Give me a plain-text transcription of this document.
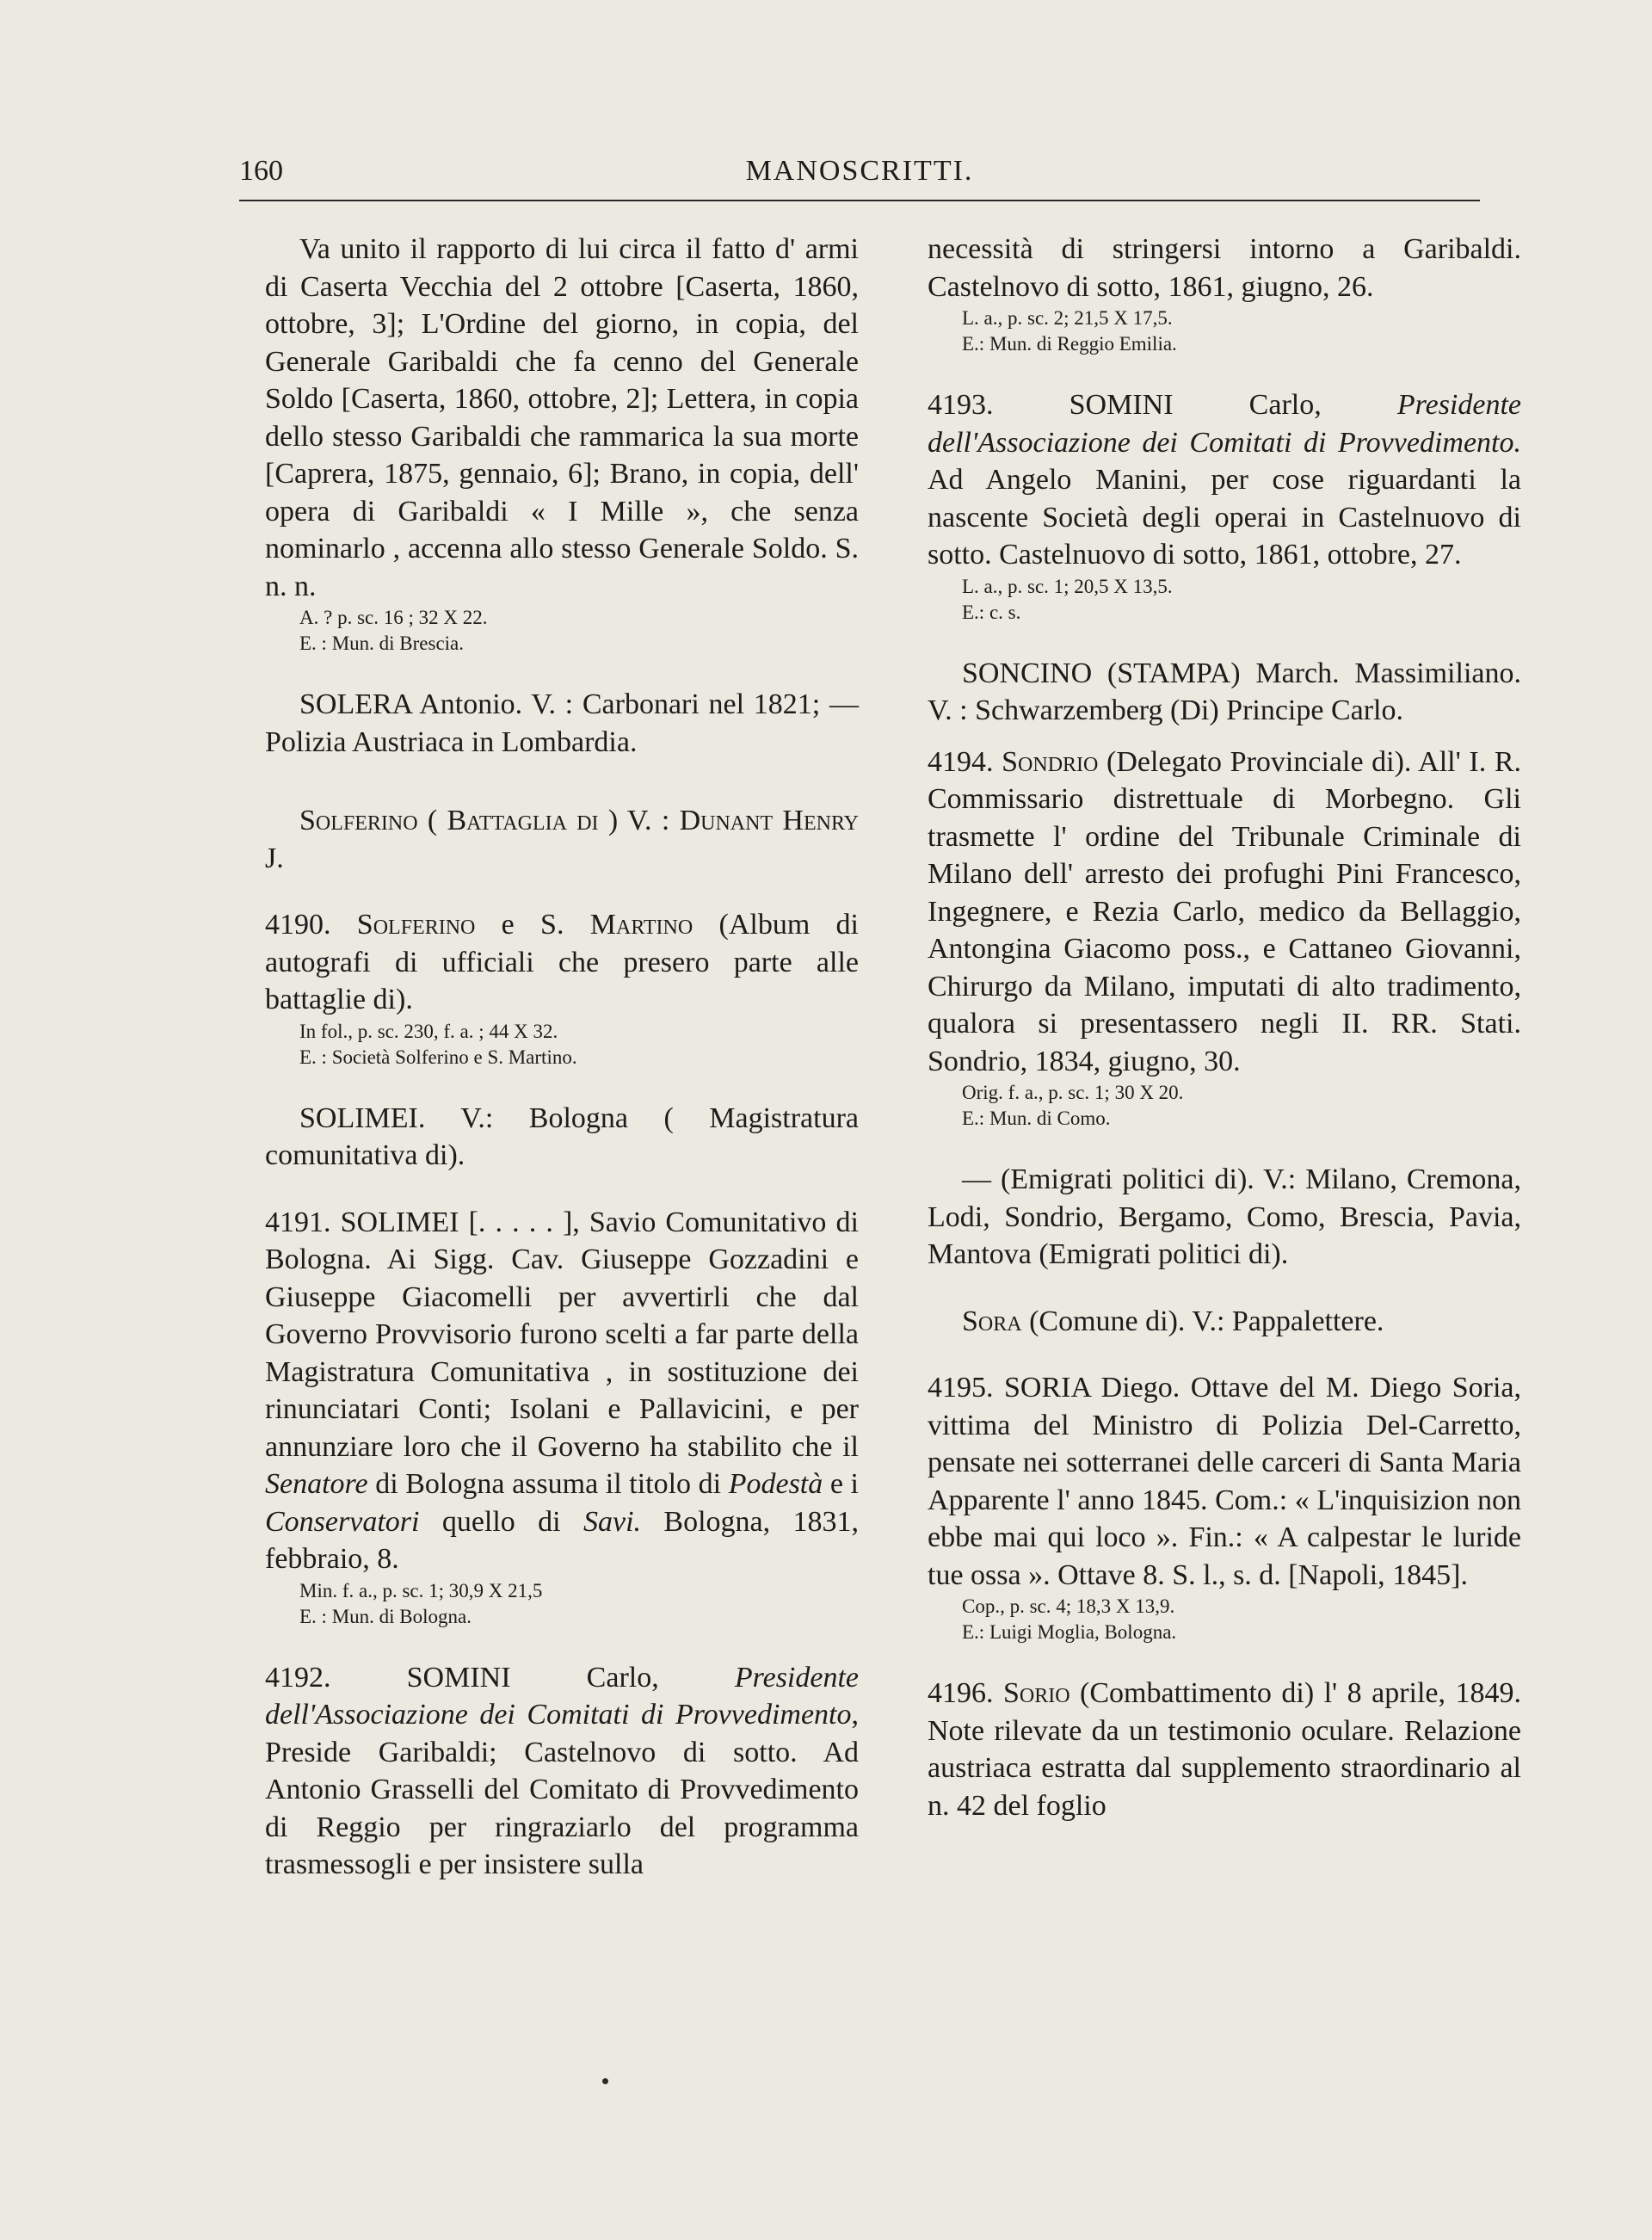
160	MANOSCRITTI.

Va unito il rapporto di lui circa il fatto d' armi di Caserta Vecchia del 2 ottobre [Caserta, 1860, ottobre, 3]; L'Ordine del giorno, in copia, del Generale Garibaldi che fa cenno del Generale Soldo [Caserta, 1860, ottobre, 2]; Lettera, in copia dello stesso Garibaldi che rammarica la sua morte [Caprera, 1875, gennaio, 6]; Brano, in copia, dell' opera di Garibaldi « I Mille », che senza nominarlo , accenna allo stesso Generale Soldo. S. n. n.

A. ? p. sc. 16 ; 32 X 22.

E. : Mun. di Brescia.

SOLERA Antonio. V. : Carbonari nel 1821; — Polizia Austriaca in Lombardia.

Solferino ( Battaglia di ) V. : Dunant Henry J.

4190. Solferino e S. Martino (Album di autografi di ufficiali che presero parte alle battaglie di).

In fol., p. sc. 230, f. a. ; 44 X 32.

E. : Società Solferino e S. Martino.

SOLIMEI. V.: Bologna ( Magistratura comunitativa di).

4191. SOLIMEI [. . . . . ], Savio Comunitativo di Bologna. Ai Sigg. Cav. Giuseppe Gozzadini e Giuseppe Giacomelli per avvertirli che dal Governo Provvisorio furono scelti a far parte della Magistratura Comunitativa , in sostituzione dei rinunciatari Conti; Isolani e Pallavicini, e per annunziare loro che il Governo ha stabilito che il Senatore di Bologna assuma il titolo di Podestà e i Conservatori quello di Savi. Bologna, 1831, febbraio, 8.

Min. f. a., p. sc. 1; 30,9 X 21,5

E. : Mun. di Bologna.

4192. SOMINI Carlo, Presidente dell'Associazione dei Comitati di Provvedimento, Preside Garibaldi; Castelnovo di sotto. Ad Antonio Grasselli del Comitato di Provvedimento di Reggio per ringraziarlo del programma trasmessogli e per insistere sulla

necessità di stringersi intorno a Garibaldi. Castelnovo di sotto, 1861, giugno, 26.

L. a., p. sc. 2; 21,5 X 17,5.

E.: Mun. di Reggio Emilia.

4193. SOMINI Carlo, Presidente dell'Associazione dei Comitati di Provvedimento. Ad Angelo Manini, per cose riguardanti la nascente Società degli operai in Castelnuovo di sotto. Castelnuovo di sotto, 1861, ottobre, 27.

L. a., p. sc. 1; 20,5 X 13,5.

E.: c. s.

SONCINO (STAMPA) March. Massimiliano. V. : Schwarzemberg (Di) Principe Carlo.

4194. Sondrio (Delegato Provinciale di). All' I. R. Commissario distrettuale di Morbegno. Gli trasmette l' ordine del Tribunale Criminale di Milano dell' arresto dei profughi Pini Francesco, Ingegnere, e Rezia Carlo, medico da Bellaggio, Antongina Giacomo poss., e Cattaneo Giovanni, Chirurgo da Milano, imputati di alto tradimento, qualora si presentassero negli II. RR. Stati. Sondrio, 1834, giugno, 30.

Orig. f. a., p. sc. 1; 30 X 20.

E.: Mun. di Como.

— (Emigrati politici di). V.: Milano, Cremona, Lodi, Sondrio, Bergamo, Como, Brescia, Pavia, Mantova (Emigrati politici di).

Sora (Comune di). V.: Pappalettere.

4195. SORIA Diego. Ottave del M. Diego Soria, vittima del Ministro di Polizia Del-Carretto, pensate nei sotterranei delle carceri di Santa Maria Apparente l' anno 1845. Com.: « L'inquisizion non ebbe mai qui loco ». Fin.: « A calpestar le luride tue ossa ». Ottave 8. S. l., s. d. [Napoli, 1845].

Cop., p. sc. 4; 18,3 X 13,9.

E.: Luigi Moglia, Bologna.

4196. Sorio (Combattimento di) l' 8 aprile, 1849. Note rilevate da un testimonio oculare. Relazione austriaca estratta dal supplemento straordinario al n. 42 del foglio
